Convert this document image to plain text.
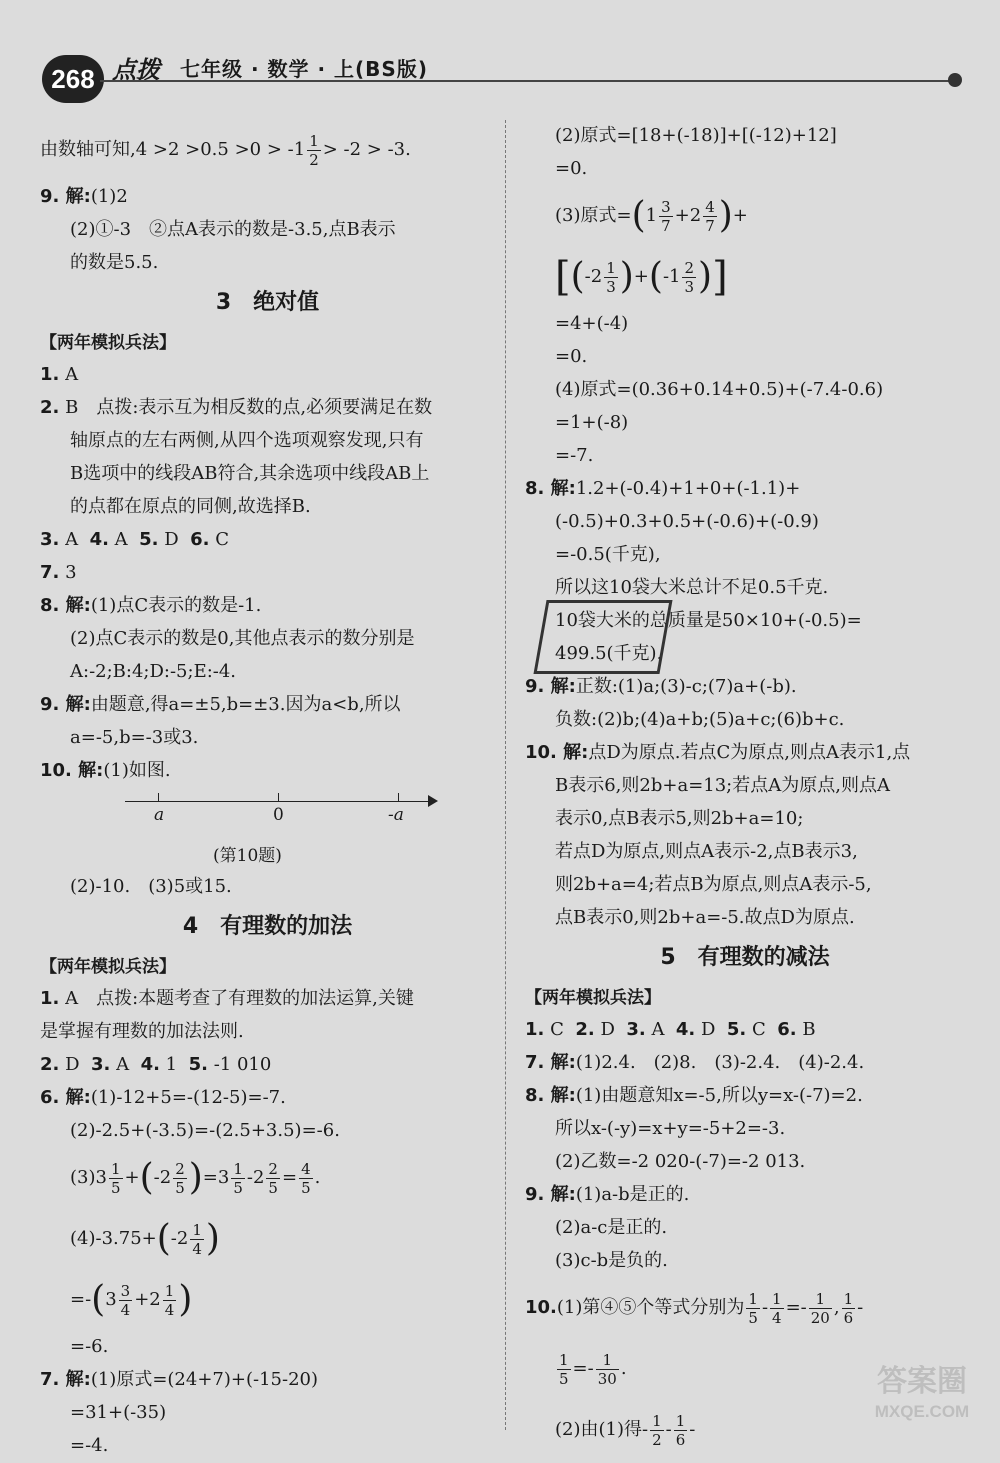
268 点拨 七年级 · 数学 · 上(BS版)
由数轴可知$,4 >2 >0.5 >0 > -1 \frac{1}{2} > -2 > -3$.
9. 解:(1)2
(2)①-3　②点A表示的数是-3.5,点B表示
的数是5.5.
3　绝对值
【两年模拟兵法】
1. A
2. B　点拨:表示互为相反数的点,必须要满足在数
轴原点的左右两侧,从四个选项观察发现,只有
B选项中的线段AB符合,其余选项中线段AB上
的点都在原点的同侧,故选择B.
3. A 4. A 5. D 6. C
7. 3
8. 解:(1)点C表示的数是-1.
(2)点C表示的数是0,其他点表示的数分别是
A:-2;B:4;D:-5;E:-4.
9. 解:由题意,得a=±5,b=±3.因为a<b,所以
a=-5,b=-3或3.
10. 解:(1)如图.
a	0	-a
(第10题)
(2)-10.　(3)5或15.
4　有理数的加法
【两年模拟兵法】
1. A　点拨:本题考查了有理数的加法运算,关键
是掌握有理数的加法法则.
2. D 3. A 4. 1 5. -1 010
6. 解:(1)-12+5=-(12-5)=-7.
(2)-2.5+(-3.5)=-(2.5+3.5)=-6.
$(3)3 \frac{1}{5} +(-2 \frac{2}{5} )=3 \frac{1}{5} -2 \frac{2}{5} = \frac{4}{5}$ .
$(4)-3.75+(-2 \frac{1}{4}$ )
$=-(3 \frac{3}{4} +2 \frac{1}{4}$ )
=-6.
7. 解:(1)原式=(24+7)+(-15-20)
=31+(-35)
=-4.
(2)原式=[18+(-18)]+[(-12)+12]
=0.
(3)原式$=(1 \frac{3}{7} +2 \frac{4}{7}$ )+
[$(-2 \frac{1}{3} )+(-1 \frac{2}{3}$ )]
=4+(-4)
=0.
(4)原式=(0.36+0.14+0.5)+(-7.4-0.6)
=1+(-8)
=-7.
8. 解:1.2+(-0.4)+1+0+(-1.1)+
(-0.5)+0.3+0.5+(-0.6)+(-0.9)
=-0.5(千克),
所以这10袋大米总计不足0.5千克.
10袋大米的总质量是50×10+(-0.5)=
499.5(千克).
9. 解:正数:(1)a;(3)-c;(7)a+(-b).
负数:(2)b;(4)a+b;(5)a+c;(6)b+c.
10. 解:点D为原点.若点C为原点,则点A表示1,点
B表示6,则2b+a=13;若点A为原点,则点A
表示0,点B表示5,则2b+a=10;
若点D为原点,则点A表示-2,点B表示3,
则2b+a=4;若点B为原点,则点A表示-5,
点B表示0,则2b+a=-5.故点D为原点.
5　有理数的减法
【两年模拟兵法】
1. C 2. D 3. A 4. D 5. C 6. B
7. 解:(1)2.4.　(2)8.　(3)-2.4.　(4)-2.4.
8. 解:(1)由题意知x=-5,所以y=x-(-7)=2.
所以x-(-y)=x+y=-5+2=-3.
(2)乙数=-2 020-(-7)=-2 013.
9. 解:(1)a-b是正的.
(2)a-c是正的.
(3)c-b是负的.
10.(1)第④⑤个等式分别为 $\frac{1}{5} - \frac{1}{4} =- \frac{1}{20}$ , $\frac{1}{6}$ -
$\frac{1}{5} =- \frac{1}{30}$ .
(2)由(1)得- $\frac{1}{2} - \frac{1}{6}$ -
答案圈
MXQE.COM
